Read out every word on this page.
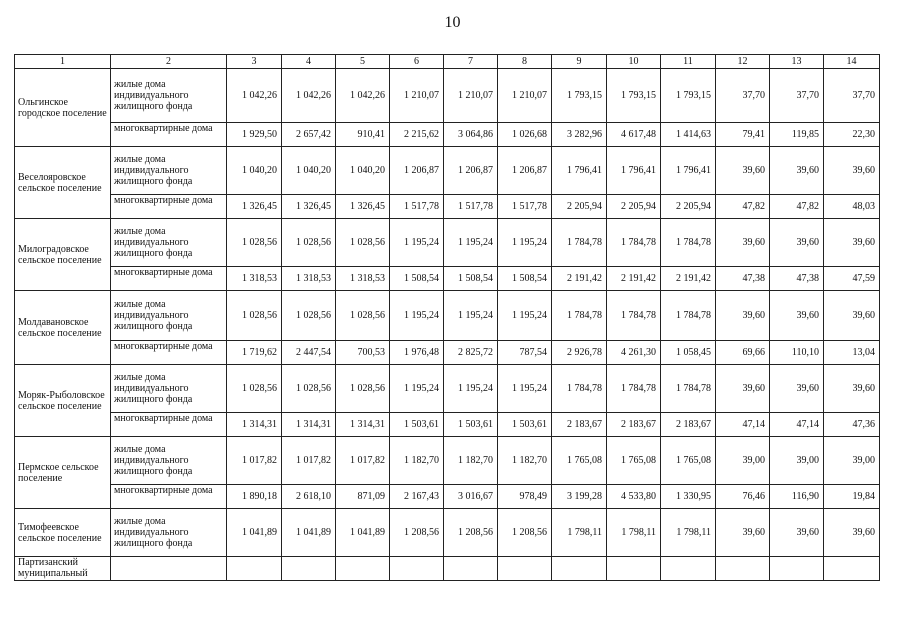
10
1	2	3	4	5	6	7	8	9	10	11	12	13	14
Ольгинское городское поселение	жилые дома индивидуального жилищного фонда	1 042,26	1 042,26	1 042,26	1 210,07	1 210,07	1 210,07	1 793,15	1 793,15	1 793,15	37,70	37,70	37,70
	многоквартирные дома	1 929,50	2 657,42	910,41	2 215,62	3 064,86	1 026,68	3 282,96	4 617,48	1 414,63	79,41	119,85	22,30
Веселояровское сельское поселение	жилые дома индивидуального жилищного фонда	1 040,20	1 040,20	1 040,20	1 206,87	1 206,87	1 206,87	1 796,41	1 796,41	1 796,41	39,60	39,60	39,60
	многоквартирные дома	1 326,45	1 326,45	1 326,45	1 517,78	1 517,78	1 517,78	2 205,94	2 205,94	2 205,94	47,82	47,82	48,03
Милоградовское сельское поселение	жилые дома индивидуального жилищного фонда	1 028,56	1 028,56	1 028,56	1 195,24	1 195,24	1 195,24	1 784,78	1 784,78	1 784,78	39,60	39,60	39,60
	многоквартирные дома	1 318,53	1 318,53	1 318,53	1 508,54	1 508,54	1 508,54	2 191,42	2 191,42	2 191,42	47,38	47,38	47,59
Молдавановское сельское поселение	жилые дома индивидуального жилищного фонда	1 028,56	1 028,56	1 028,56	1 195,24	1 195,24	1 195,24	1 784,78	1 784,78	1 784,78	39,60	39,60	39,60
	многоквартирные дома	1 719,62	2 447,54	700,53	1 976,48	2 825,72	787,54	2 926,78	4 261,30	1 058,45	69,66	110,10	13,04
Моряк-Рыболовское сельское поселение	жилые дома индивидуального жилищного фонда	1 028,56	1 028,56	1 028,56	1 195,24	1 195,24	1 195,24	1 784,78	1 784,78	1 784,78	39,60	39,60	39,60
	многоквартирные дома	1 314,31	1 314,31	1 314,31	1 503,61	1 503,61	1 503,61	2 183,67	2 183,67	2 183,67	47,14	47,14	47,36
Пермское сельское поселение	жилые дома индивидуального жилищного фонда	1 017,82	1 017,82	1 017,82	1 182,70	1 182,70	1 182,70	1 765,08	1 765,08	1 765,08	39,00	39,00	39,00
	многоквартирные дома	1 890,18	2 618,10	871,09	2 167,43	3 016,67	978,49	3 199,28	4 533,80	1 330,95	76,46	116,90	19,84
Тимофеевское сельское поселение	жилые дома индивидуального жилищного фонда	1 041,89	1 041,89	1 041,89	1 208,56	1 208,56	1 208,56	1 798,11	1 798,11	1 798,11	39,60	39,60	39,60
Партизанский муниципальный													
